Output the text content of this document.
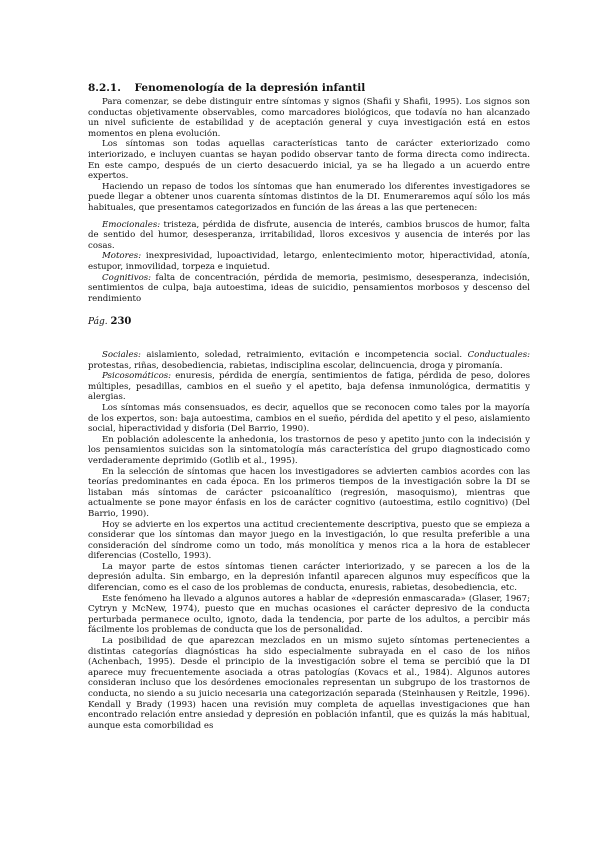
8.2.1. Fenomenología de la depresión infantil

Para comenzar, se debe distinguir entre síntomas y signos (Shafii y Shafii, 1995). Los signos son conductas objetivamente observables, como marcadores biológicos, que todavía no han alcanzado un nivel suficiente de estabilidad y de aceptación general y cuya investigación está en estos momentos en plena evolución.

Los síntomas son todas aquellas características tanto de carácter exteriorizado como interiorizado, e incluyen cuantas se hayan podido observar tanto de forma directa como indirecta. En este campo, después de un cierto desacuerdo inicial, ya se ha llegado a un acuerdo entre expertos.

Haciendo un repaso de todos los síntomas que han enumerado los diferentes investigadores se puede llegar a obtener unos cuarenta síntomas distintos de la DI. Enumeraremos aquí sólo los más habituales, que presentamos categorizados en función de las áreas a las que pertenecen:

Emocionales: tristeza, pérdida de disfrute, ausencia de interés, cambios bruscos de humor, falta de sentido del humor, desesperanza, irritabilidad, lloros excesivos y ausencia de interés por las cosas.

Motores: inexpresividad, lupoactividad, letargo, enlentecimiento motor, hiperactividad, atonía, estupor, inmovilidad, torpeza e inquietud.

Cognitivos: falta de concentración, pérdida de memoria, pesimismo, desesperanza, indecisión, sentimientos de culpa, baja autoestima, ideas de suicidio, pensamientos morbosos y descenso del rendimiento

Pág. 230

Sociales: aislamiento, soledad, retraimiento, evitación e incompetencia social. Conductuales: protestas, riñas, desobediencia, rabietas, indisciplina escolar, delincuencia, droga y piromanía.

Psicosomáticos: enuresis, pérdida de energía, sentimientos de fatiga, pérdida de peso, dolores múltiples, pesadillas, cambios en el sueño y el apetito, baja defensa inmunológica, dermatitis y alergias.

Los síntomas más consensuados, es decir, aquellos que se reconocen como tales por la mayoría de los expertos, son: baja autoestima, cambios en el sueño, pérdida del apetito y el peso, aislamiento social, hiperactividad y disforia (Del Barrio, 1990).

En población adolescente la anhedonia, los trastornos de peso y apetito junto con la indecisión y los pensamientos suicidas son la sintomatología más característica del grupo diagnosticado como verdaderamente deprimido (Gotlib et al., 1995).

En la selección de síntomas que hacen los investigadores se advierten cambios acordes con las teorías predominantes en cada época. En los primeros tiempos de la investigación sobre la DI se listaban más síntomas de carácter psicoanalítico (regresión, masoquismo), mientras que actualmente se pone mayor énfasis en los de carácter cognitivo (autoestima, estilo cognitivo) (Del Barrio, 1990).

Hoy se advierte en los expertos una actitud crecientemente descriptiva, puesto que se empieza a considerar que los síntomas dan mayor juego en la investigación, lo que resulta preferible a una consideración del síndrome como un todo, más monolítica y menos rica a la hora de establecer diferencias (Costello, 1993).

La mayor parte de estos síntomas tienen carácter interiorizado, y se parecen a los de la depresión adulta. Sin embargo, en la depresión infantil aparecen algunos muy específicos que la diferencian, como es el caso de los problemas de conducta, enuresis, rabietas, desobediencia, etc.

Este fenómeno ha llevado a algunos autores a hablar de «depresión enmascarada» (Glaser, 1967; Cytryn y McNew, 1974), puesto que en muchas ocasiones el carácter depresivo de la conducta perturbada permanece oculto, ignoto, dada la tendencia, por parte de los adultos, a percibir más fácilmente los problemas de conducta que los de personalidad.

La posibilidad de que aparezcan mezclados en un mismo sujeto síntomas pertenecientes a distintas categorías diagnósticas ha sido especialmente subrayada en el caso de los niños (Achenbach, 1995). Desde el principio de la investigación sobre el tema se percibió que la DI aparece muy frecuentemente asociada a otras patologías (Kovacs et al., 1984). Algunos autores consideran incluso que los desórdenes emocionales representan un subgrupo de los trastornos de conducta, no siendo a su juicio necesaria una categorización separada (Steinhausen y Reitzle, 1996). Kendall y Brady (1993) hacen una revisión muy completa de aquellas investigaciones que han encontrado relación entre ansiedad y depresión en población infantil, que es quizás la más habitual, aunque esta comorbilidad es
